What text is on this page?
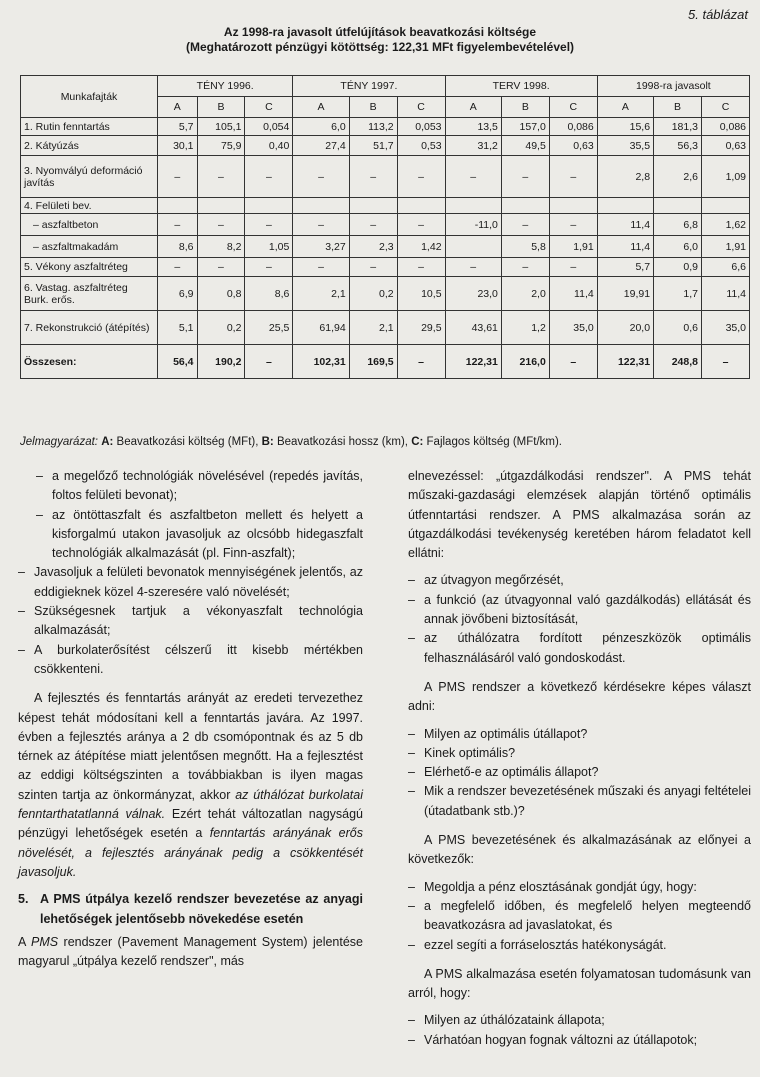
5. táblázat
Az 1998-ra javasolt útfelújítások beavatkozási költsége
(Meghatározott pénzügyi kötöttség: 122,31 MFt figyelembevételével)
Munkafajták	TÉNY 1996.			TÉNY 1997.			TERV 1998.			1998-ra javasolt		
	A	B	C	A	B	C	A	B	C	A	B	C
1. Rutin fenntartás	5,7	105,1	0,054	6,0	113,2	0,053	13,5	157,0	0,086	15,6	181,3	0,086
2. Kátyúzás	30,1	75,9	0,40	27,4	51,7	0,53	31,2	49,5	0,63	35,5	56,3	0,63
3. Nyomvályú deformáció javítás	–	–	–	–	–	–	–	–	–	2,8	2,6	1,09
4. Felületi bev.												
– aszfaltbeton	–	–	–	–	–	–	-11,0	–	–	11,4	6,8	1,62
– aszfaltmakadám	8,6	8,2	1,05	3,27	2,3	1,42		5,8	1,91	11,4	6,0	1,91
5. Vékony aszfaltréteg	–	–	–	–	–	–	–	–	–	5,7	0,9	6,6
6. Vastag. aszfaltréteg Burk. erős.	6,9	0,8	8,6	2,1	0,2	10,5	23,0	2,0	11,4	19,91	1,7	11,4
7. Rekonstrukció (átépítés)	5,1	0,2	25,5	61,94	2,1	29,5	43,61	1,2	35,0	20,0	0,6	35,0
Összesen:	56,4	190,2	–	102,31	169,5	–	122,31	216,0	–	122,31	248,8	–
Jelmagyarázat: A: Beavatkozási költség (MFt), B: Beavatkozási hossz (km), C: Fajlagos költség (MFt/km).
– a megelőző technológiák növelésével (repedés javítás, foltos felületi bevonat);
– az öntöttaszfalt és aszfaltbeton mellett és helyett a kisforgalmú utakon javasoljuk az olcsóbb hidegaszfalt technológiák alkalmazását (pl. Finn-aszfalt);
– Javasoljuk a felületi bevonatok mennyiségének jelentős, az eddigieknek közel 4-szeresére való növelését;
– Szükségesnek tartjuk a vékonyaszfalt technológia alkalmazását;
– A burkolaterősítést célszerű itt kisebb mértékben csökkenteni.

A fejlesztés és fenntartás arányát az eredeti tervezethez képest tehát módosítani kell a fenntartás javára. Az 1997. évben a fejlesztés aránya a 2 db csomópontnak és az 5 db térnek az átépítése miatt jelentősen megnőtt. Ha a fejlesztést az eddigi költségszinten a továbbiakban is ilyen magas szinten tartja az önkormányzat, akkor az úthálózat burkolatai fenntarthatatlanná válnak. Ezért tehát változatlan nagyságú pénzügyi lehetőségek esetén a fenntartás arányának erős növelését, a fejlesztés arányának pedig a csökkentését javasoljuk.

5. A PMS útpálya kezelő rendszer bevezetése az anyagi lehetőségek jelentősebb növekedése esetén

A PMS rendszer (Pavement Management System) jelentése magyarul „útpálya kezelő rendszer", más

elnevezéssel: „útgazdálkodási rendszer". A PMS tehát műszaki-gazdasági elemzések alapján történő optimális útfenntartási rendszer. A PMS alkalmazása során az útgazdálkodási tevékenység keretében három feladatot kell ellátni:

– az útvagyon megőrzését,
– a funkció (az útvagyonnal való gazdálkodás) ellátását és annak jövőbeni biztosítását,
– az úthálózatra fordított pénzeszközök optimális felhasználásáról való gondoskodást.

A PMS rendszer a következő kérdésekre képes választ adni:

– Milyen az optimális útállapot?
– Kinek optimális?
– Elérhető-e az optimális állapot?
– Mik a rendszer bevezetésének műszaki és anyagi feltételei (útadatbank stb.)?

A PMS bevezetésének és alkalmazásának az előnyei a következők:

– Megoldja a pénz elosztásának gondját úgy, hogy:
– a megfelelő időben, és megfelelő helyen megteendő beavatkozásra ad javaslatokat, és
– ezzel segíti a forráselosztás hatékonyságát.

A PMS alkalmazása esetén folyamatosan tudomásunk van arról, hogy:

– Milyen az úthálózataink állapota;
– Várhatóan hogyan fognak változni az útállapotok;
